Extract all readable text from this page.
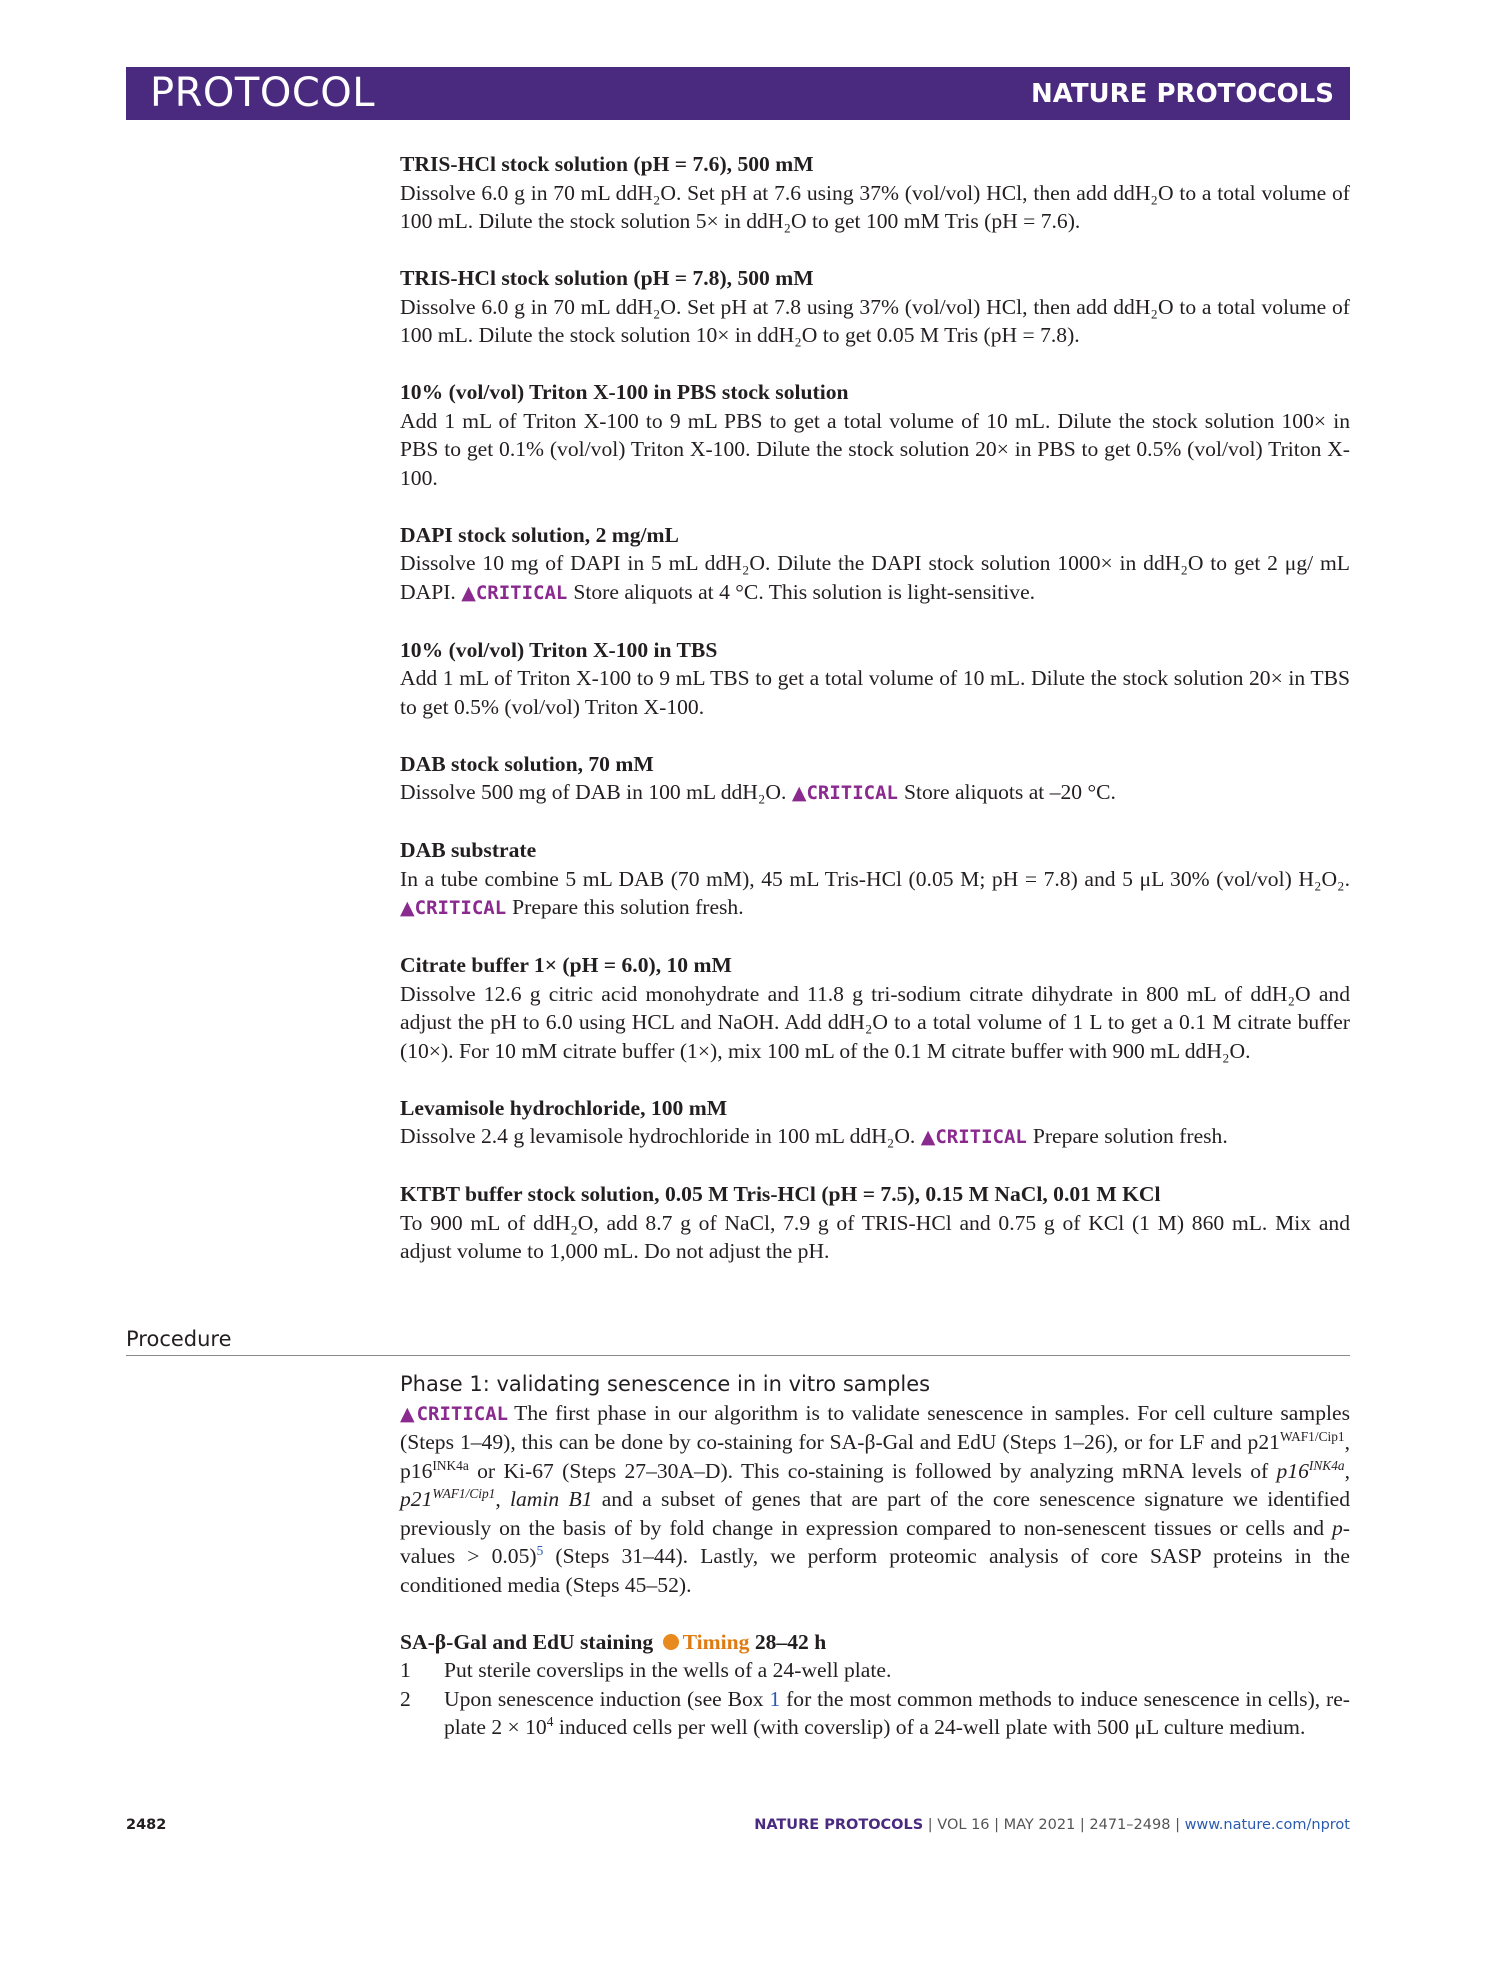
PROTOCOL	NATURE PROTOCOLS
TRIS-HCl stock solution (pH = 7.6), 500 mM

Dissolve 6.0 g in 70 mL ddH₂O. Set pH at 7.6 using 37% (vol/vol) HCl, then add ddH₂O to a total volume of 100 mL. Dilute the stock solution 5× in ddH₂O to get 100 mM Tris (pH = 7.6).

TRIS-HCl stock solution (pH = 7.8), 500 mM

Dissolve 6.0 g in 70 mL ddH₂O. Set pH at 7.8 using 37% (vol/vol) HCl, then add ddH₂O to a total volume of 100 mL. Dilute the stock solution 10× in ddH₂O to get 0.05 M Tris (pH = 7.8).

10% (vol/vol) Triton X-100 in PBS stock solution

Add 1 mL of Triton X-100 to 9 mL PBS to get a total volume of 10 mL. Dilute the stock solution 100× in PBS to get 0.1% (vol/vol) Triton X-100. Dilute the stock solution 20× in PBS to get 0.5% (vol/vol) Triton X-100.

DAPI stock solution, 2 mg/mL

Dissolve 10 mg of DAPI in 5 mL ddH₂O. Dilute the DAPI stock solution 1000× in ddH₂O to get 2 μg/ mL DAPI. ▲CRITICAL Store aliquots at 4 °C. This solution is light-sensitive.

10% (vol/vol) Triton X-100 in TBS

Add 1 mL of Triton X-100 to 9 mL TBS to get a total volume of 10 mL. Dilute the stock solution 20× in TBS to get 0.5% (vol/vol) Triton X-100.

DAB stock solution, 70 mM

Dissolve 500 mg of DAB in 100 mL ddH₂O. ▲CRITICAL Store aliquots at –20 °C.

DAB substrate

In a tube combine 5 mL DAB (70 mM), 45 mL Tris-HCl (0.05 M; pH = 7.8) and 5 μL 30% (vol/vol) H₂O₂. ▲CRITICAL Prepare this solution fresh.

Citrate buffer 1× (pH = 6.0), 10 mM

Dissolve 12.6 g citric acid monohydrate and 11.8 g tri-sodium citrate dihydrate in 800 mL of ddH₂O and adjust the pH to 6.0 using HCL and NaOH. Add ddH₂O to a total volume of 1 L to get a 0.1 M citrate buffer (10×). For 10 mM citrate buffer (1×), mix 100 mL of the 0.1 M citrate buffer with 900 mL ddH₂O.

Levamisole hydrochloride, 100 mM

Dissolve 2.4 g levamisole hydrochloride in 100 mL ddH₂O. ▲CRITICAL Prepare solution fresh.

KTBT buffer stock solution, 0.05 M Tris-HCl (pH = 7.5), 0.15 M NaCl, 0.01 M KCl

To 900 mL of ddH₂O, add 8.7 g of NaCl, 7.9 g of TRIS-HCl and 0.75 g of KCl (1 M) 860 mL. Mix and adjust volume to 1,000 mL. Do not adjust the pH.

Procedure
Phase 1: validating senescence in in vitro samples

▲CRITICAL The first phase in our algorithm is to validate senescence in samples. For cell culture samples (Steps 1–49), this can be done by co-staining for SA-β-Gal and EdU (Steps 1–26), or for LF and $p21^{WAF1/Cip1}$, $p16^{INK4a}$ or Ki-67 (Steps 27–30A–D). This co-staining is followed by analyzing mRNA levels of $p16^{INK4a}$, $p21^{WAF1/Cip1}$, lamin B1 and a subset of genes that are part of the core senescence signature we identified previously on the basis of by fold change in expression compared to non-senescent tissues or cells and p-values > 0.05)$^5$ (Steps 31–44). Lastly, we perform proteomic analysis of core SASP proteins in the conditioned media (Steps 45–52).

SA-β-Gal and EdU staining Timing 28–42 h

1 Put sterile coverslips in the wells of a 24-well plate.
2 Upon senescence induction (see Box 1 for the most common methods to induce senescence in cells), re-plate $2 \times 10^4$ induced cells per well (with coverslip) of a 24-well plate with 500 μL culture medium.
2482	NATURE PROTOCOLS | VOL 16 | MAY 2021 | 2471–2498 | www.nature.com/nprot
